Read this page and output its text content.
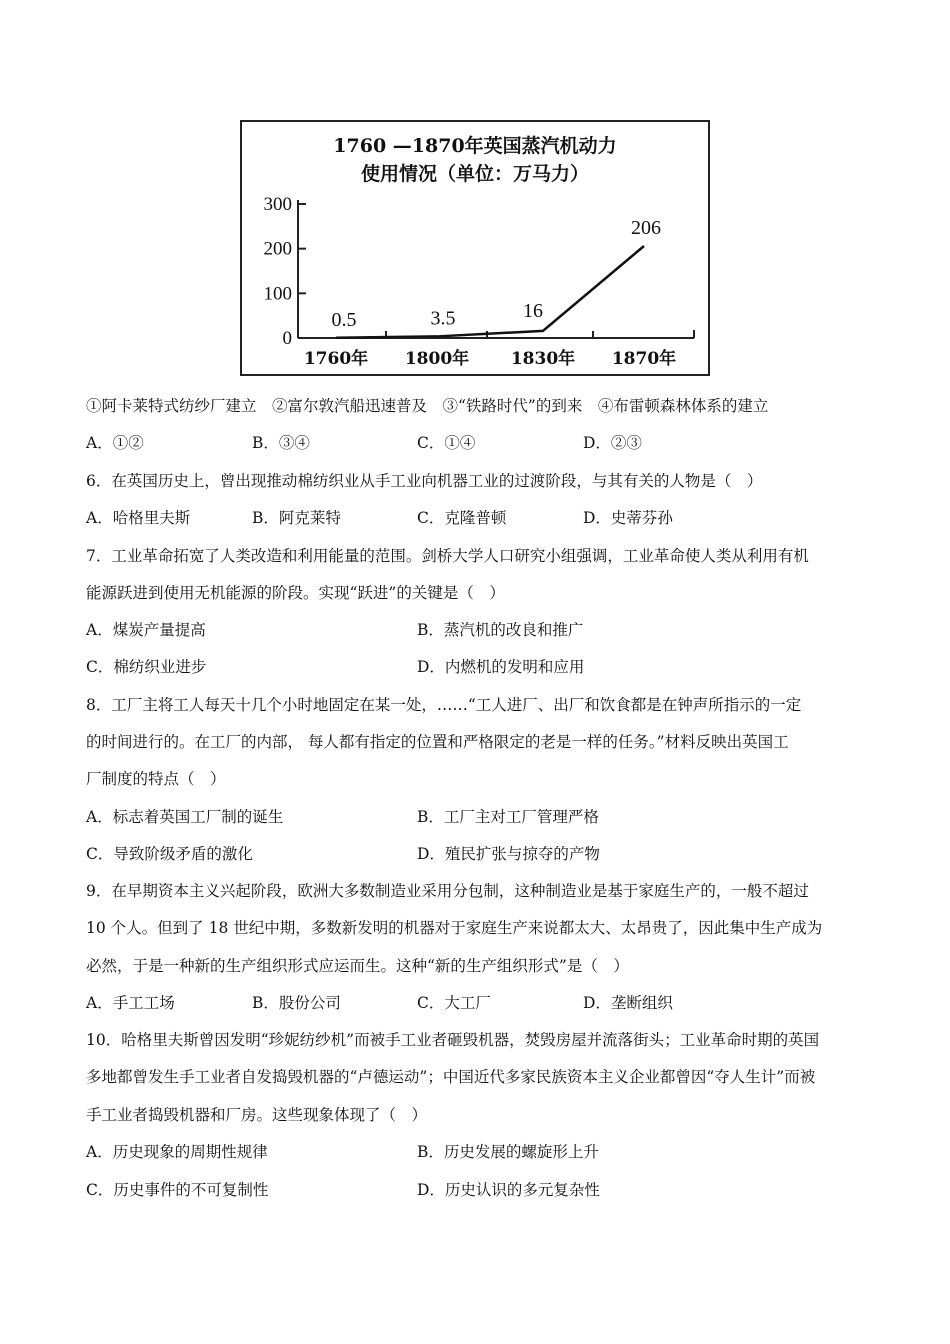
1760 —1870年英国蒸汽机动力
使用情况（单位：万马力）
300
200
100
0
1760年 1800年 1830年 1870年
0.5	3.5	16
206
①阿卡莱特式纺纱厂建立　②富尔敦汽船迅速普及　③“铁路时代”的到来　④布雷顿森林体系的建立
A．①②	B．③④	C．①④	D．②③
6．在英国历史上，曾出现推动棉纺织业从手工业向机器工业的过渡阶段，与其有关的人物是（　）
A．哈格里夫斯	B．阿克莱特	C．克隆普顿	D．史蒂芬孙
7．工业革命拓宽了人类改造和利用能量的范围。剑桥大学人口研究小组强调，工业革命使人类从利用有机
能源跃进到使用无机能源的阶段。实现“跃进”的关键是（　）
A．煤炭产量提高	B．蒸汽机的改良和推广
C．棉纺织业进步	D．内燃机的发明和应用
8．工厂主将工人每天十几个小时地固定在某一处，……“工人进厂、出厂和饮食都是在钟声所指示的一定
的时间进行的。在工厂的内部， 每人都有指定的位置和严格限定的老是一样的任务。”材料反映出英国工
厂制度的特点（　）
A．标志着英国工厂制的诞生	B．工厂主对工厂管理严格
C．导致阶级矛盾的激化	D．殖民扩张与掠夺的产物
9．在早期资本主义兴起阶段，欧洲大多数制造业采用分包制，这种制造业是基于家庭生产的，一般不超过
10 个人。但到了 18 世纪中期，多数新发明的机器对于家庭生产来说都太大、太昂贵了，因此集中生产成为
必然，于是一种新的生产组织形式应运而生。这种“新的生产组织形式”是（　）
A．手工工场	B．股份公司	C．大工厂	D．垄断组织
10．哈格里夫斯曾因发明“珍妮纺纱机”而被手工业者砸毁机器，焚毁房屋并流落街头；工业革命时期的英国
多地都曾发生手工业者自发捣毁机器的“卢德运动”；中国近代多家民族资本主义企业都曾因“夺人生计”而被
手工业者捣毁机器和厂房。这些现象体现了（　）
A．历史现象的周期性规律	B．历史发展的螺旋形上升
C．历史事件的不可复制性	D．历史认识的多元复杂性
